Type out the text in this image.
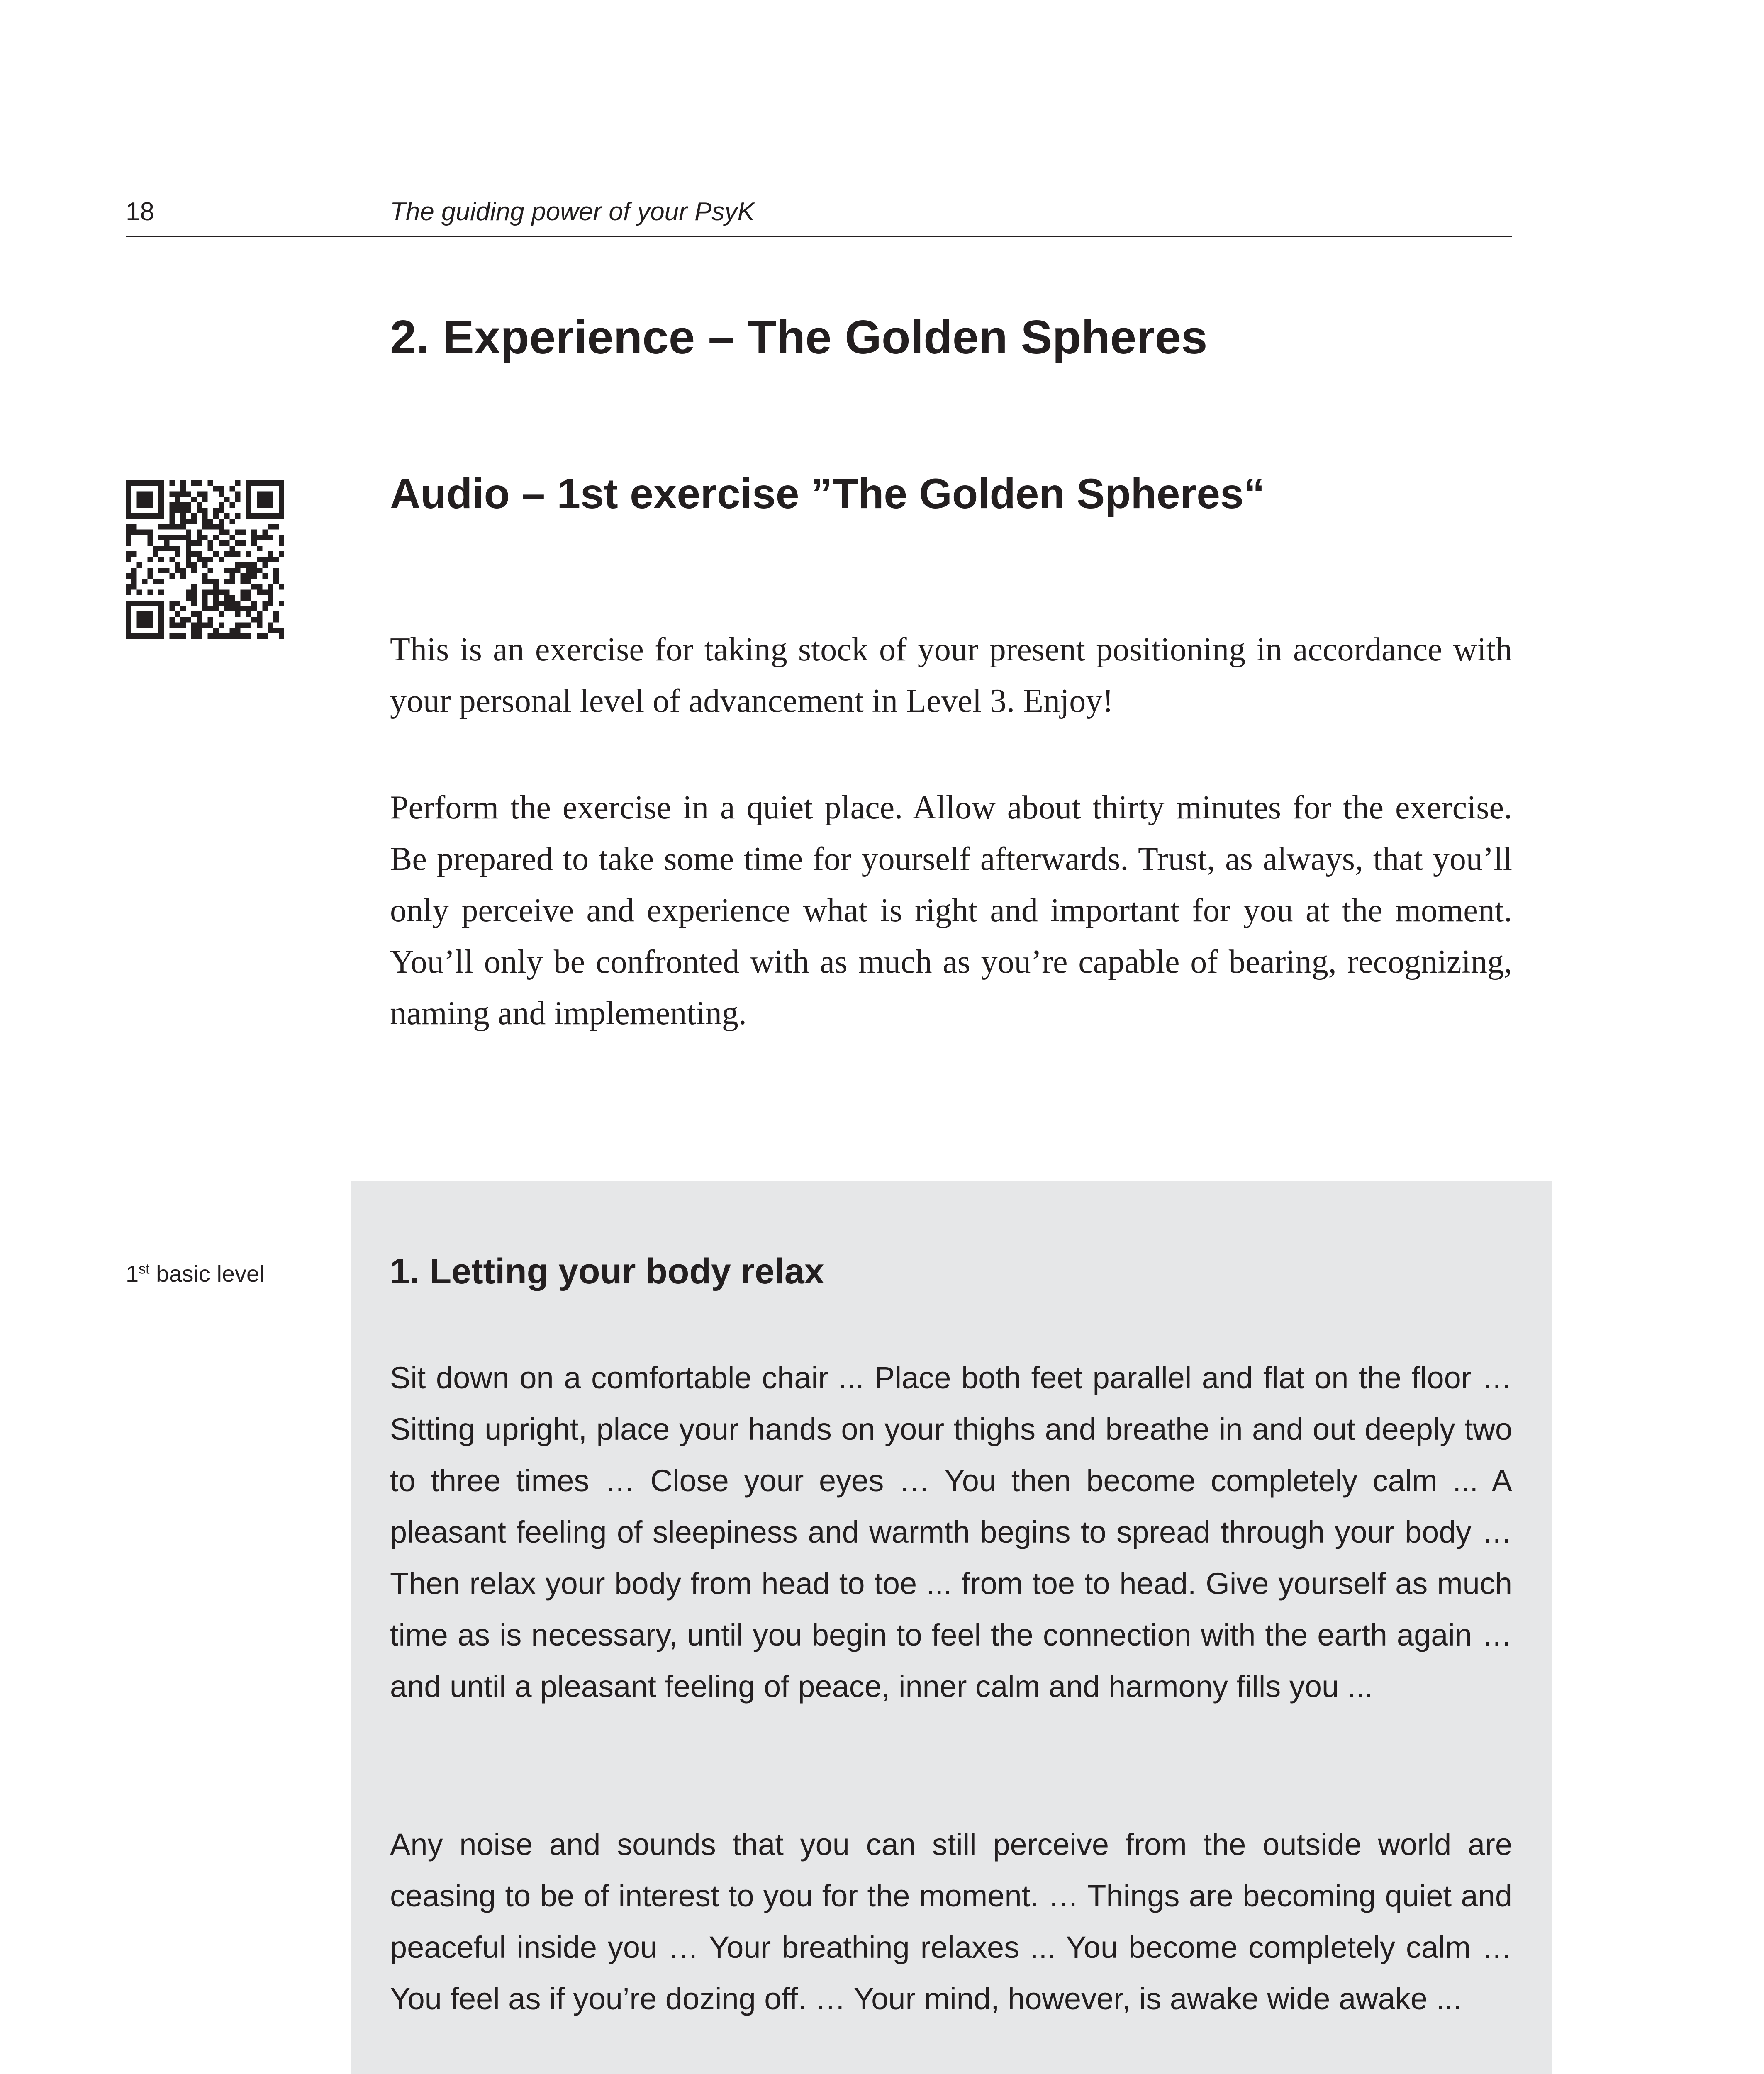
18	The guiding power of your PsyK
2. Experience – The Golden Spheres
Audio – 1st exercise ”The Golden Spheres“

This is an exercise for taking stock of your present positioning in accordance with your personal level of advancement in Level 3. Enjoy!

Perform the exercise in a quiet place. Allow about thirty minutes for the exercise. Be prepared to take some time for yourself afterwards. Trust, as always, that you’ll only perceive and experience what is right and important for you at the moment. You’ll only be confronted with as much as you’re capable of bearing, recognizing, naming and implementing.

1st basic level	1. Letting your body relax

Sit down on a comfortable chair ... Place both feet parallel and flat on the floor … Sitting upright, place your hands on your thighs and breathe in and out deeply two to three times … Close your eyes … You then become completely calm ... A pleasant feeling of sleepiness and warmth begins to spread through your body … Then relax your body from head to toe ... from toe to head. Give yourself as much time as is necessary, until you begin to feel the connection with the earth again … and until a pleasant feeling of peace, inner calm and harmony fills you ...

Any noise and sounds that you can still perceive from the outside world are ceasing to be of interest to you for the moment. … Things are becoming quiet and peaceful inside you … Your breathing relaxes ... You become completely calm … You feel as if you’re dozing off. … Your mind, however, is awake wide awake ...
